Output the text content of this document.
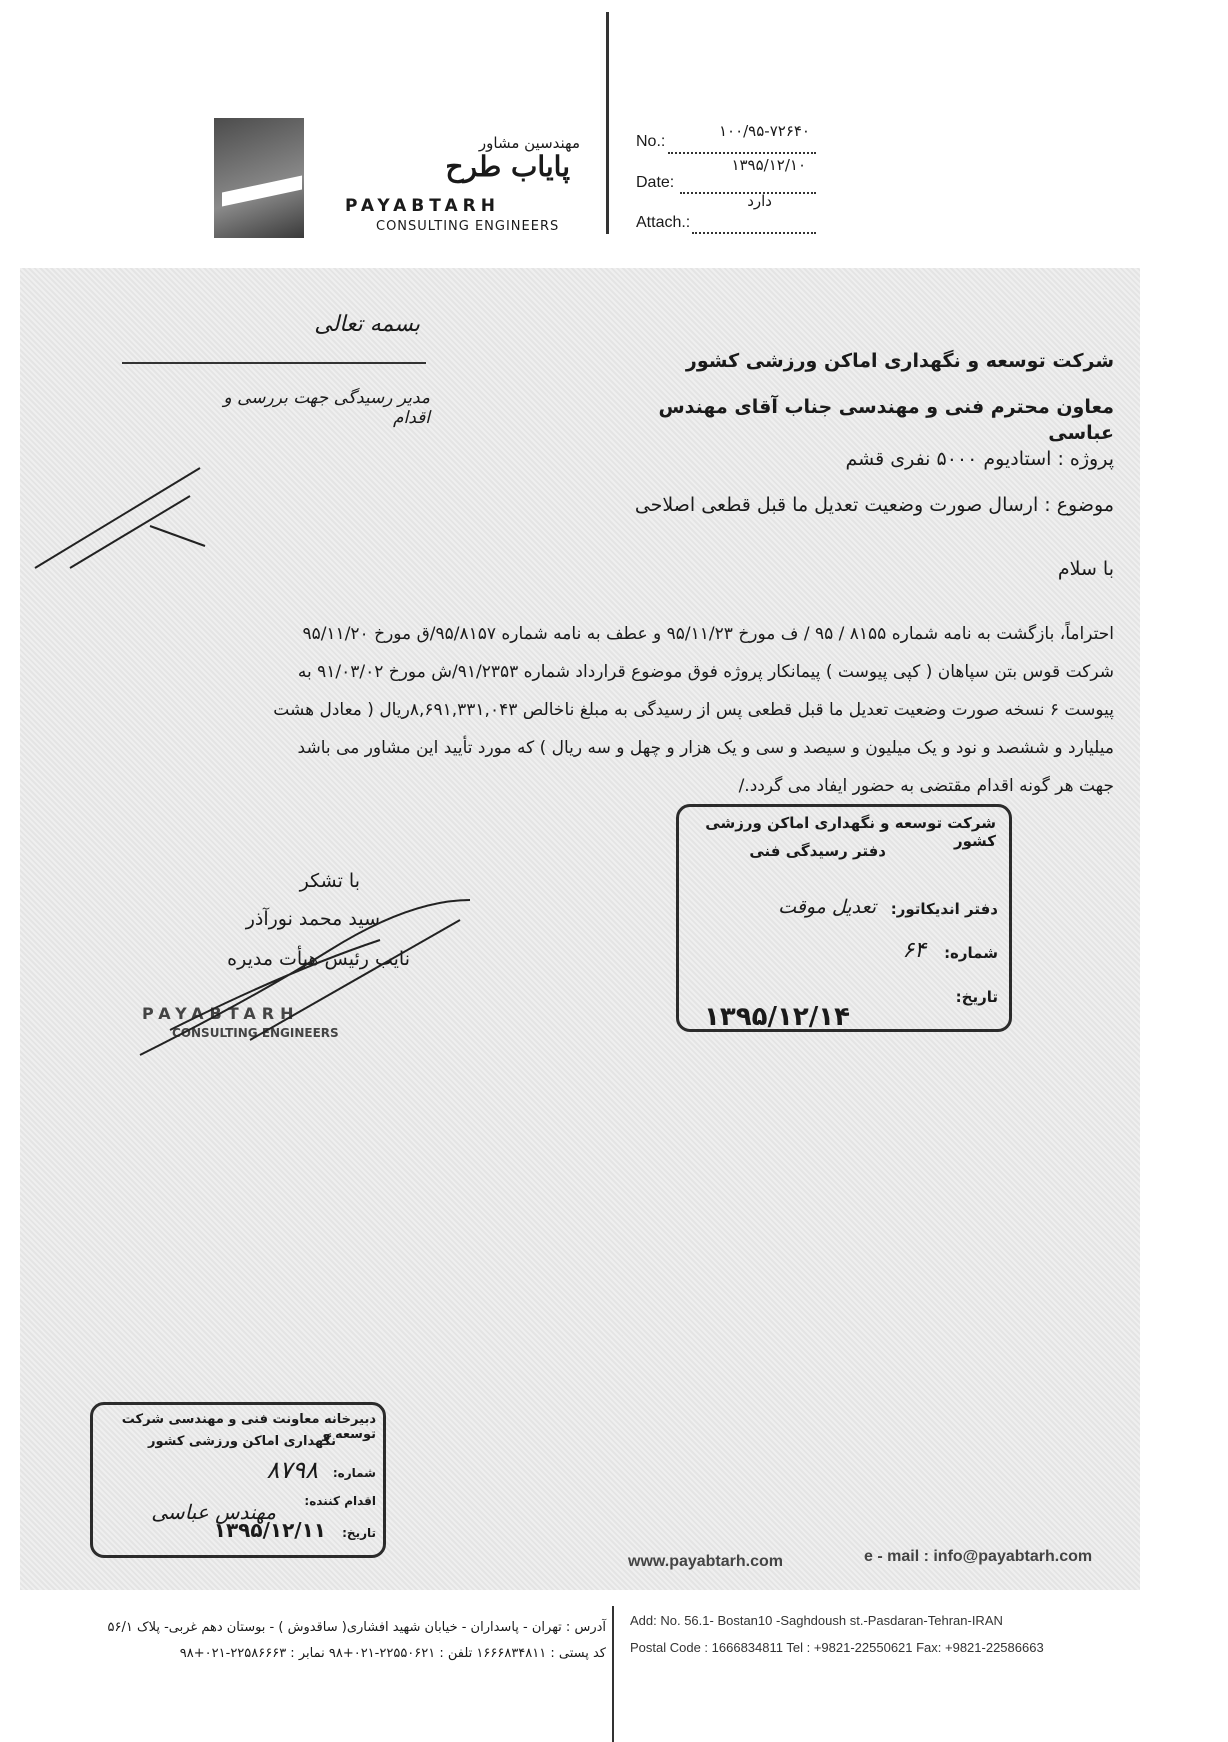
مهندسین مشاور
پایاب طرح
PAYABTARH
CONSULTING ENGINEERS
No.:
۱۰۰/۹۵-۷۲۶۴۰
Date:
۱۳۹۵/۱۲/۱۰
Attach.:
دارد
بسمه تعالی
مدیر رسیدگی جهت بررسی و اقدام
شرکت توسعه و نگهداری اماکن ورزشی کشور
معاون محترم فنی و مهندسی جناب آقای مهندس عباسی
پروژه : استادیوم ۵۰۰۰ نفری قشم
موضوع : ارسال صورت وضعیت تعدیل ما قبل قطعی اصلاحی
با سلام
احتراماً، بازگشت به نامه شماره ۸۱۵۵ / ۹۵ / ف مورخ ۹۵/۱۱/۲۳ و عطف به نامه شماره ۹۵/۸۱۵۷/ق مورخ ۹۵/۱۱/۲۰
شرکت قوس بتن سپاهان ( کپی پیوست ) پیمانکار پروژه فوق موضوع قرارداد شماره ۹۱/۲۳۵۳/ش مورخ ۹۱/۰۳/۰۲ به
پیوست ۶ نسخه صورت وضعیت تعدیل ما قبل قطعی پس از رسیدگی به مبلغ ناخالص ۸,۶۹۱,۳۳۱,۰۴۳ریال ( معادل هشت
میلیارد و ششصد و نود و یک میلیون و سیصد و سی و یک هزار و چهل و سه ریال ) که مورد تأیید این مشاور می باشد
جهت هر گونه اقدام مقتضی به حضور ایفاد می گردد./
با تشکر
سید محمد نورآذر
نایب رئیس هیأت مدیره
PAYABTARH
CONSULTING ENGINEERS
شرکت توسعه و نگهداری اماکن ورزشی کشور
دفتر رسیدگی فنی
دفتر اندیکاتور:
تعدیل موقت
شماره:
۶۴
تاریخ:
۱۳۹۵/۱۲/۱۴
دبیرخانه معاونت فنی و مهندسی شرکت توسعه و
نگهداری اماکن ورزشی کشور
شماره:
۸۷۹۸
اقدام کننده:
مهندس عباسی
تاریخ:
۱۳۹۵/۱۲/۱۱
www.payabtarh.com	e - mail : info@payabtarh.com
آدرس : تهران - پاسداران - خیابان شهید افشاری( ساقدوش ) - بوستان دهم غربی- پلاک ۵۶/۱
کد پستی : ۱۶۶۶۸۳۴۸۱۱ تلفن : ۲۲۵۵۰۶۲۱-۰۲۱+۹۸ نمابر : ۲۲۵۸۶۶۶۳-۰۲۱+۹۸
Add: No. 56.1- Bostan10 -Saghdoush st.-Pasdaran-Tehran-IRAN
Postal Code : 1666834811 Tel : +9821-22550621 Fax: +9821-22586663
